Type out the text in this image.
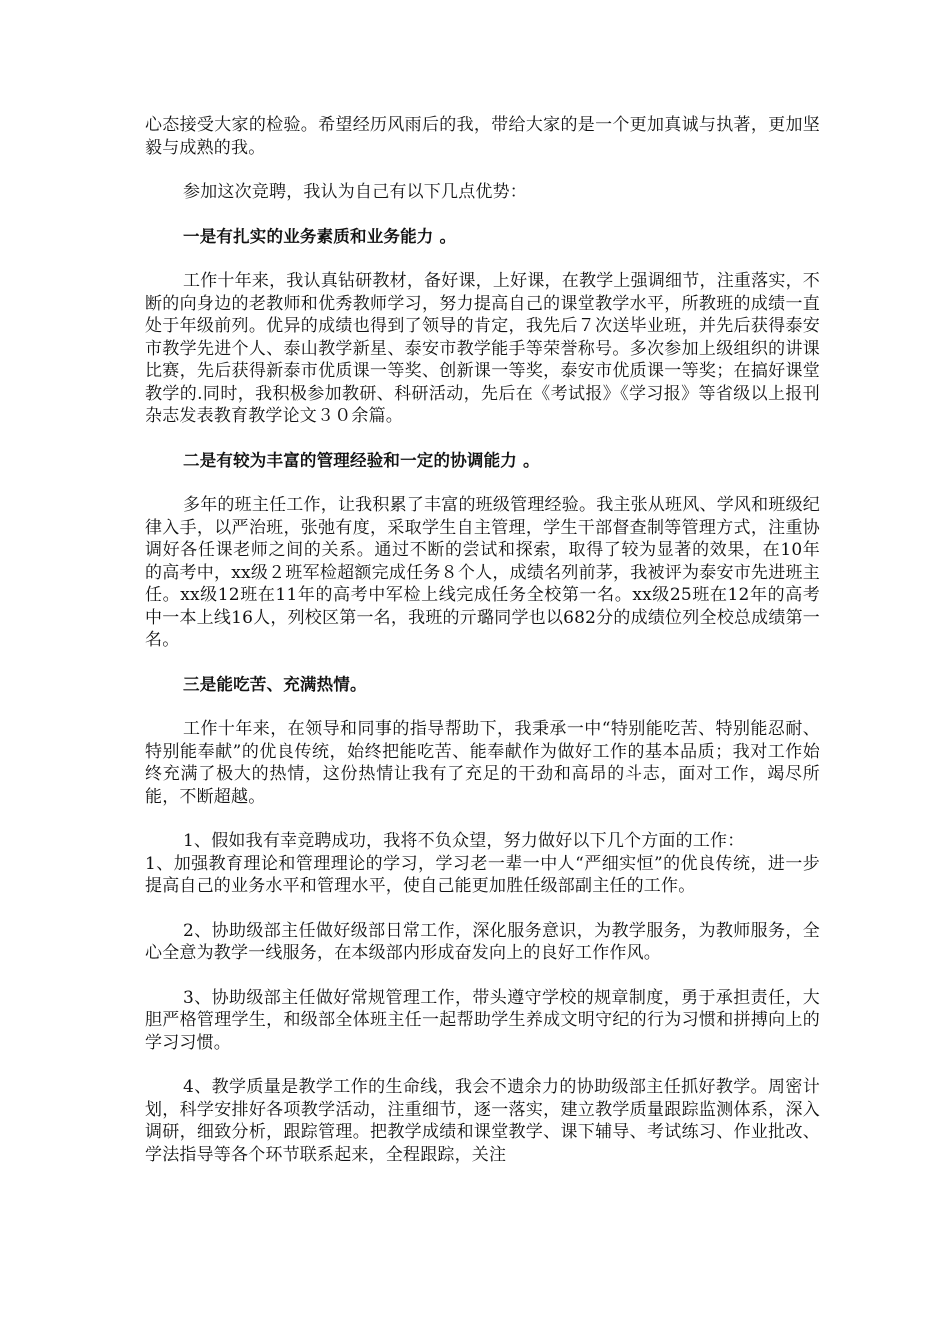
心态接受大家的检验。希望经历风雨后的我，带给大家的是一个更加真诚与执著，更加坚毅与成熟的我。

参加这次竞聘，我认为自己有以下几点优势：

一是有扎实的业务素质和业务能力 。

工作十年来，我认真钻研教材，备好课，上好课，在教学上强调细节，注重落实，不断的向身边的老教师和优秀教师学习，努力提高自己的课堂教学水平，所教班的成绩一直处于年级前列。优异的成绩也得到了领导的肯定，我先后７次送毕业班，并先后获得泰安市教学先进个人、泰山教学新星、泰安市教学能手等荣誉称号。多次参加上级组织的讲课比赛，先后获得新泰市优质课一等奖、创新课一等奖，泰安市优质课一等奖；在搞好课堂教学的.同时，我积极参加教研、科研活动，先后在《考试报》《学习报》等省级以上报刊杂志发表教育教学论文３０余篇。

二是有较为丰富的管理经验和一定的协调能力 。

多年的班主任工作，让我积累了丰富的班级管理经验。我主张从班风、学风和班级纪律入手，以严治班，张弛有度，采取学生自主管理，学生干部督查制等管理方式，注重协调好各任课老师之间的关系。通过不断的尝试和探索，取得了较为显著的效果，在10年的高考中，xx级２班军检超额完成任务８个人，成绩名列前茅，我被评为泰安市先进班主任。xx级12班在11年的高考中军检上线完成任务全校第一名。xx级25班在12年的高考中一本上线16人，列校区第一名，我班的亓璐同学也以682分的成绩位列全校总成绩第一名。

三是能吃苦、充满热情。

工作十年来，在领导和同事的指导帮助下，我秉承一中“特别能吃苦、特别能忍耐、特别能奉献”的优良传统，始终把能吃苦、能奉献作为做好工作的基本品质；我对工作始终充满了极大的热情，这份热情让我有了充足的干劲和高昂的斗志，面对工作，竭尽所能，不断超越。

1、假如我有幸竞聘成功，我将不负众望，努力做好以下几个方面的工作：

1、加强教育理论和管理理论的学习，学习老一辈一中人“严细实恒”的优良传统，进一步提高自己的业务水平和管理水平，使自己能更加胜任级部副主任的工作。

2、协助级部主任做好级部日常工作，深化服务意识，为教学服务，为教师服务，全心全意为教学一线服务，在本级部内形成奋发向上的良好工作作风。

3、协助级部主任做好常规管理工作，带头遵守学校的规章制度，勇于承担责任，大胆严格管理学生，和级部全体班主任一起帮助学生养成文明守纪的行为习惯和拼搏向上的学习习惯。

4、教学质量是教学工作的生命线，我会不遗余力的协助级部主任抓好教学。周密计划，科学安排好各项教学活动，注重细节，逐一落实，建立教学质量跟踪监测体系，深入调研，细致分析，跟踪管理。把教学成绩和课堂教学、课下辅导、考试练习、作业批改、学法指导等各个环节联系起来，全程跟踪，关注
